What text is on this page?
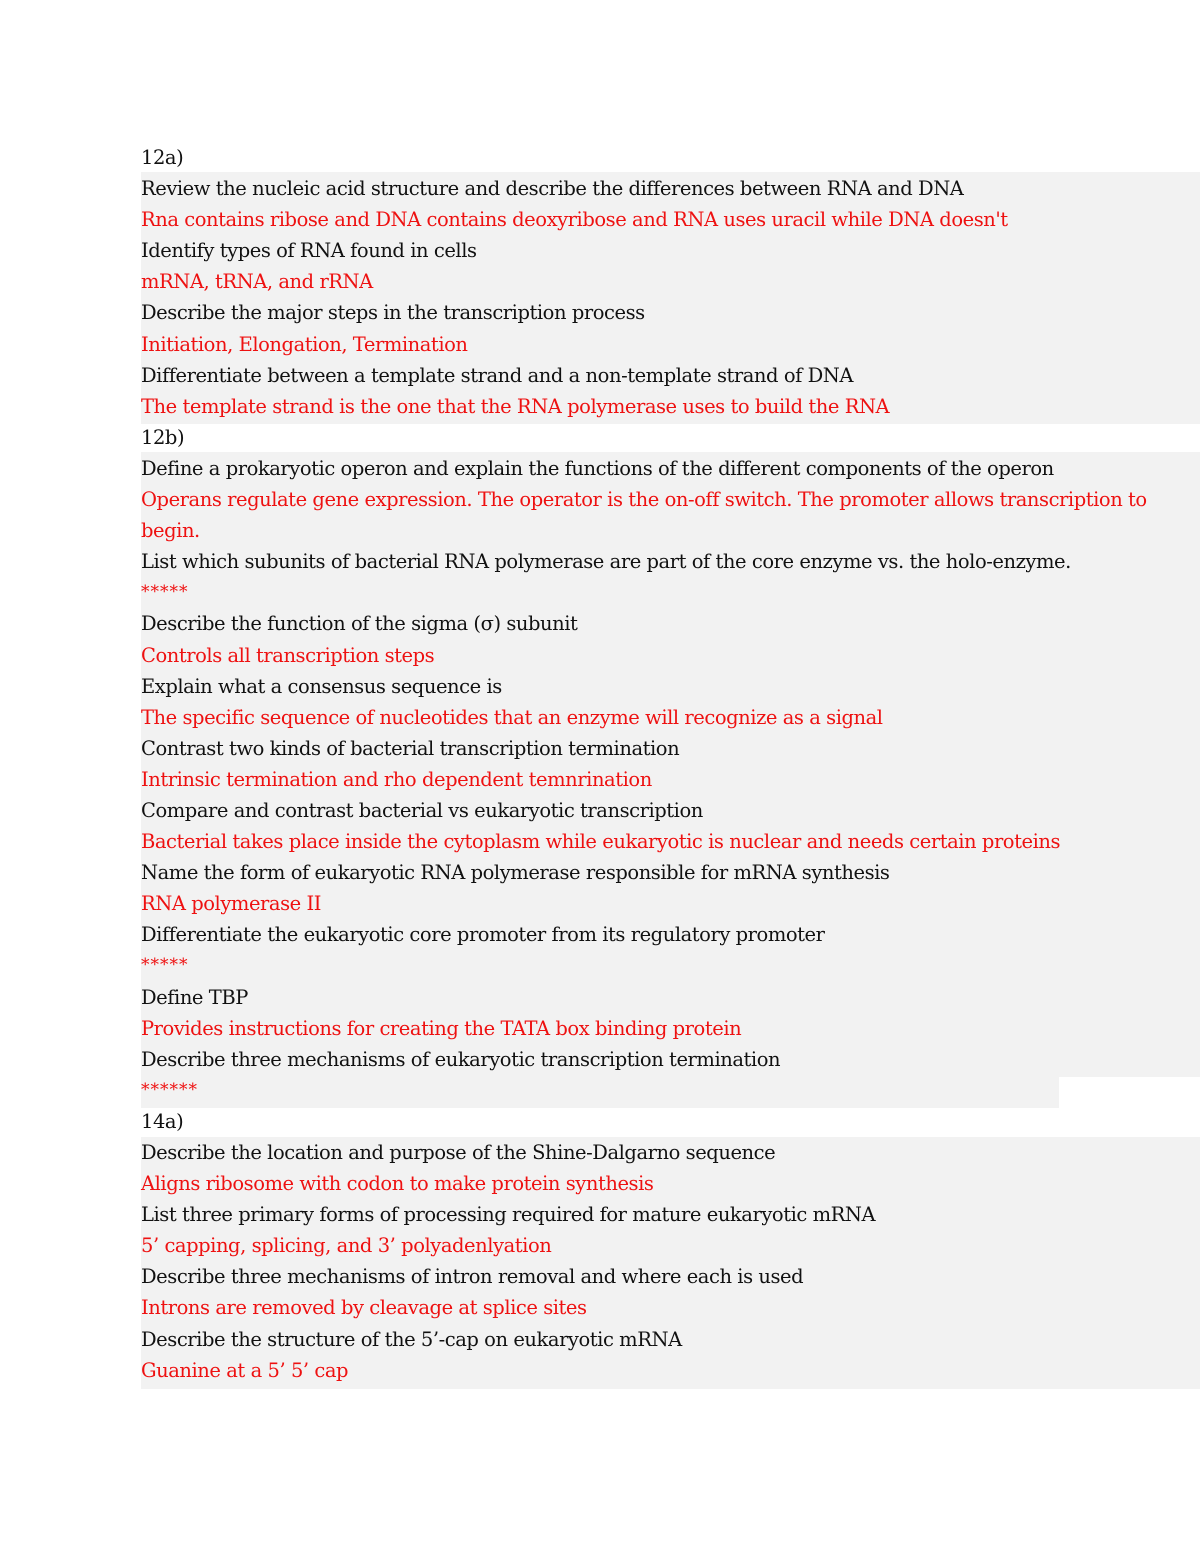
12a)
Review the nucleic acid structure and describe the differences between RNA and DNA
Rna contains ribose and DNA contains deoxyribose and RNA uses uracil while DNA doesn't
Identify types of RNA found in cells
mRNA, tRNA, and rRNA
Describe the major steps in the transcription process
Initiation, Elongation, Termination
Differentiate between a template strand and a non-template strand of DNA
The template strand is the one that the RNA polymerase uses to build the RNA
12b)
Define a prokaryotic operon and explain the functions of the different components of the operon
Operans regulate gene expression. The operator is the on-off switch. The promoter allows transcription to
begin.
List which subunits of bacterial RNA polymerase are part of the core enzyme vs. the holo-enzyme.
*****
Describe the function of the sigma (σ) subunit
Controls all transcription steps
Explain what a consensus sequence is
The specific sequence of nucleotides that an enzyme will recognize as a signal
Contrast two kinds of bacterial transcription termination
Intrinsic termination and rho dependent temnrination
Compare and contrast bacterial vs eukaryotic transcription
Bacterial takes place inside the cytoplasm while eukaryotic is nuclear and needs certain proteins
Name the form of eukaryotic RNA polymerase responsible for mRNA synthesis
RNA polymerase II
Differentiate the eukaryotic core promoter from its regulatory promoter
*****
Define TBP
Provides instructions for creating the TATA box binding protein
Describe three mechanisms of eukaryotic transcription termination
******
14a)
Describe the location and purpose of the Shine-Dalgarno sequence
Aligns ribosome with codon to make protein synthesis
List three primary forms of processing required for mature eukaryotic mRNA
5’ capping, splicing, and 3’ polyadenlyation
Describe three mechanisms of intron removal and where each is used
Introns are removed by cleavage at splice sites
Describe the structure of the 5’-cap on eukaryotic mRNA
Guanine at a 5’ 5’ cap
